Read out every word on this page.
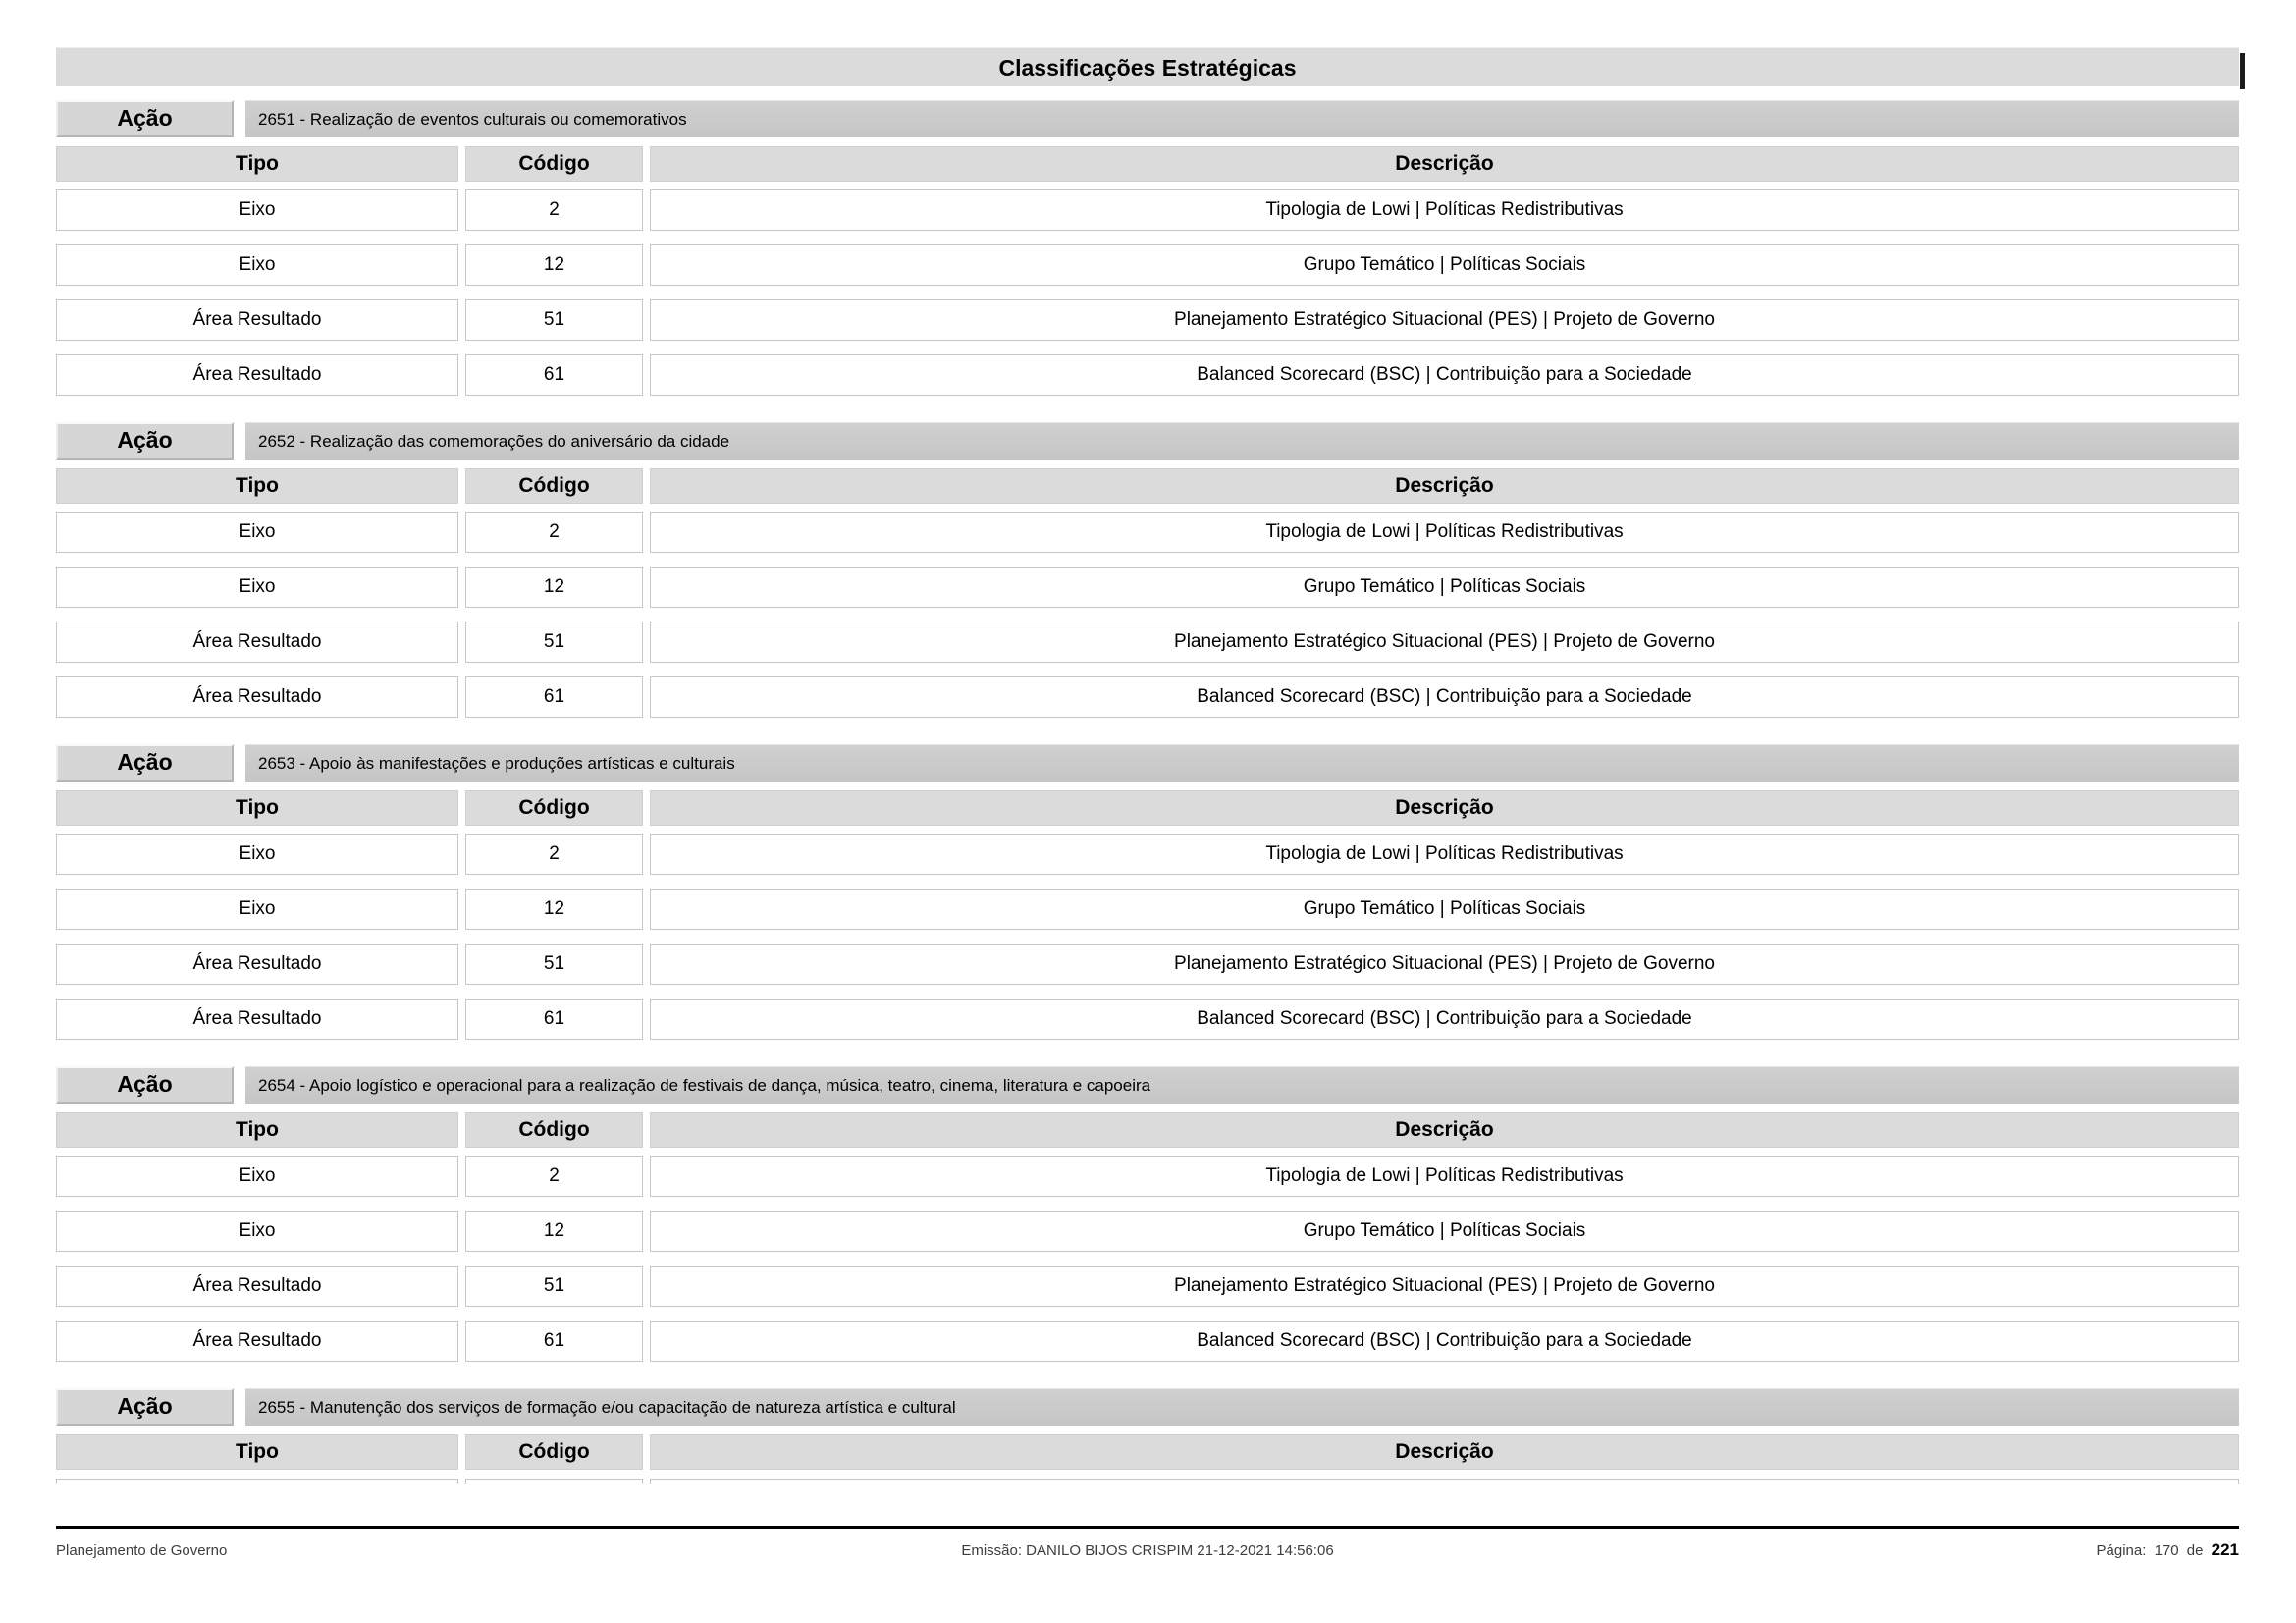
Classificações Estratégicas
Ação	2651 - Realização de eventos culturais ou comemorativos
Tipo	Código	Descrição
Eixo	2	Tipologia de Lowi | Políticas Redistributivas
Eixo	12	Grupo Temático | Políticas Sociais
Área Resultado	51	Planejamento Estratégico Situacional (PES) | Projeto de Governo
Área Resultado	61	Balanced Scorecard (BSC) | Contribuição para a Sociedade
Ação	2652 - Realização das comemorações do aniversário da cidade
Tipo	Código	Descrição
Eixo	2	Tipologia de Lowi | Políticas Redistributivas
Eixo	12	Grupo Temático | Políticas Sociais
Área Resultado	51	Planejamento Estratégico Situacional (PES) | Projeto de Governo
Área Resultado	61	Balanced Scorecard (BSC) | Contribuição para a Sociedade
Ação	2653 - Apoio às manifestações e produções artísticas e culturais
Tipo	Código	Descrição
Eixo	2	Tipologia de Lowi | Políticas Redistributivas
Eixo	12	Grupo Temático | Políticas Sociais
Área Resultado	51	Planejamento Estratégico Situacional (PES) | Projeto de Governo
Área Resultado	61	Balanced Scorecard (BSC) | Contribuição para a Sociedade
Ação	2654 - Apoio logístico e operacional para a realização de festivais de dança, música, teatro, cinema, literatura e capoeira
Tipo	Código	Descrição
Eixo	2	Tipologia de Lowi | Políticas Redistributivas
Eixo	12	Grupo Temático | Políticas Sociais
Área Resultado	51	Planejamento Estratégico Situacional (PES) | Projeto de Governo
Área Resultado	61	Balanced Scorecard (BSC) | Contribuição para a Sociedade
Ação	2655 - Manutenção dos serviços de formação e/ou capacitação de natureza artística e cultural
Tipo	Código	Descrição
Planejamento de Governo	Emissão: DANILO BIJOS CRISPIM 21-12-2021 14:56:06	Página: 170 de 221
